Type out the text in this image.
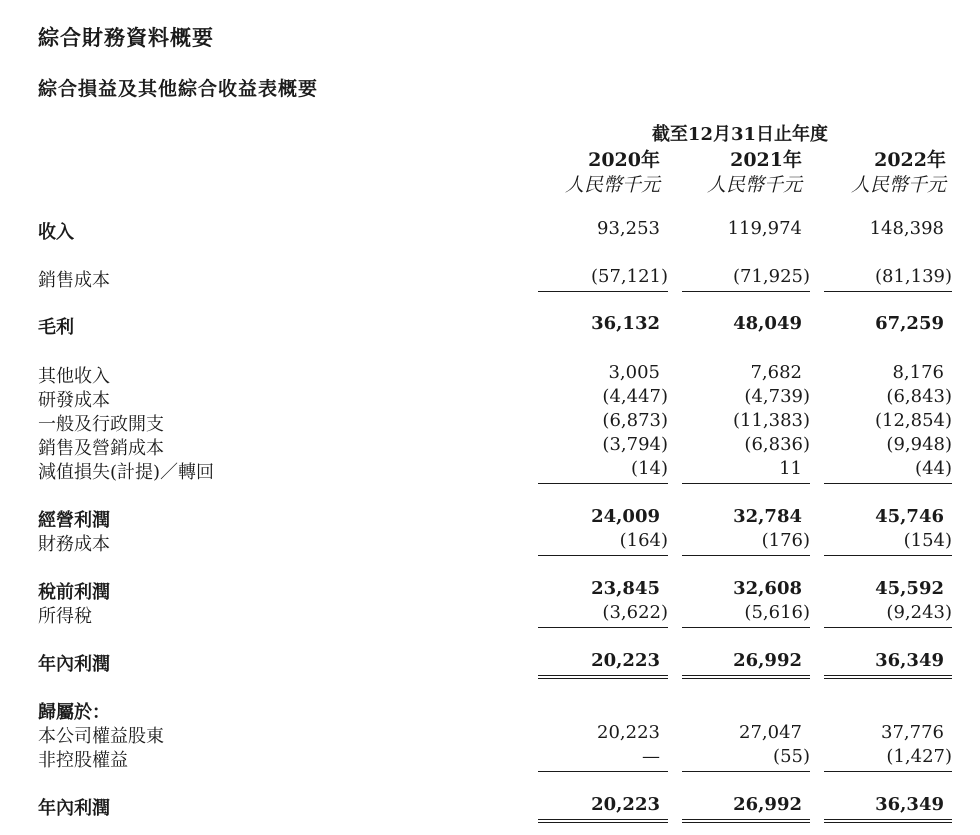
綜合財務資料概要
綜合損益及其他綜合收益表概要
截至12月31日止年度
2020年	2021年	2022年
人民幣千元	人民幣千元	人民幣千元
收入	93,253	119,974	148,398
銷售成本	(57,121)	(71,925)	(81,139)
毛利	36,132	48,049	67,259
其他收入	3,005	7,682	8,176
研發成本	(4,447)	(4,739)	(6,843)
一般及行政開支	(6,873)	(11,383)	(12,854)
銷售及營銷成本	(3,794)	(6,836)	(9,948)
減值損失(計提)／轉回	(14)	11	(44)
經營利潤	24,009	32,784	45,746
財務成本	(164)	(176)	(154)
稅前利潤	23,845	32,608	45,592
所得稅	(3,622)	(5,616)	(9,243)
年內利潤	20,223	26,992	36,349
歸屬於：
本公司權益股東	20,223	27,047	37,776
非控股權益	—	(55)	(1,427)
年內利潤	20,223	26,992	36,349
